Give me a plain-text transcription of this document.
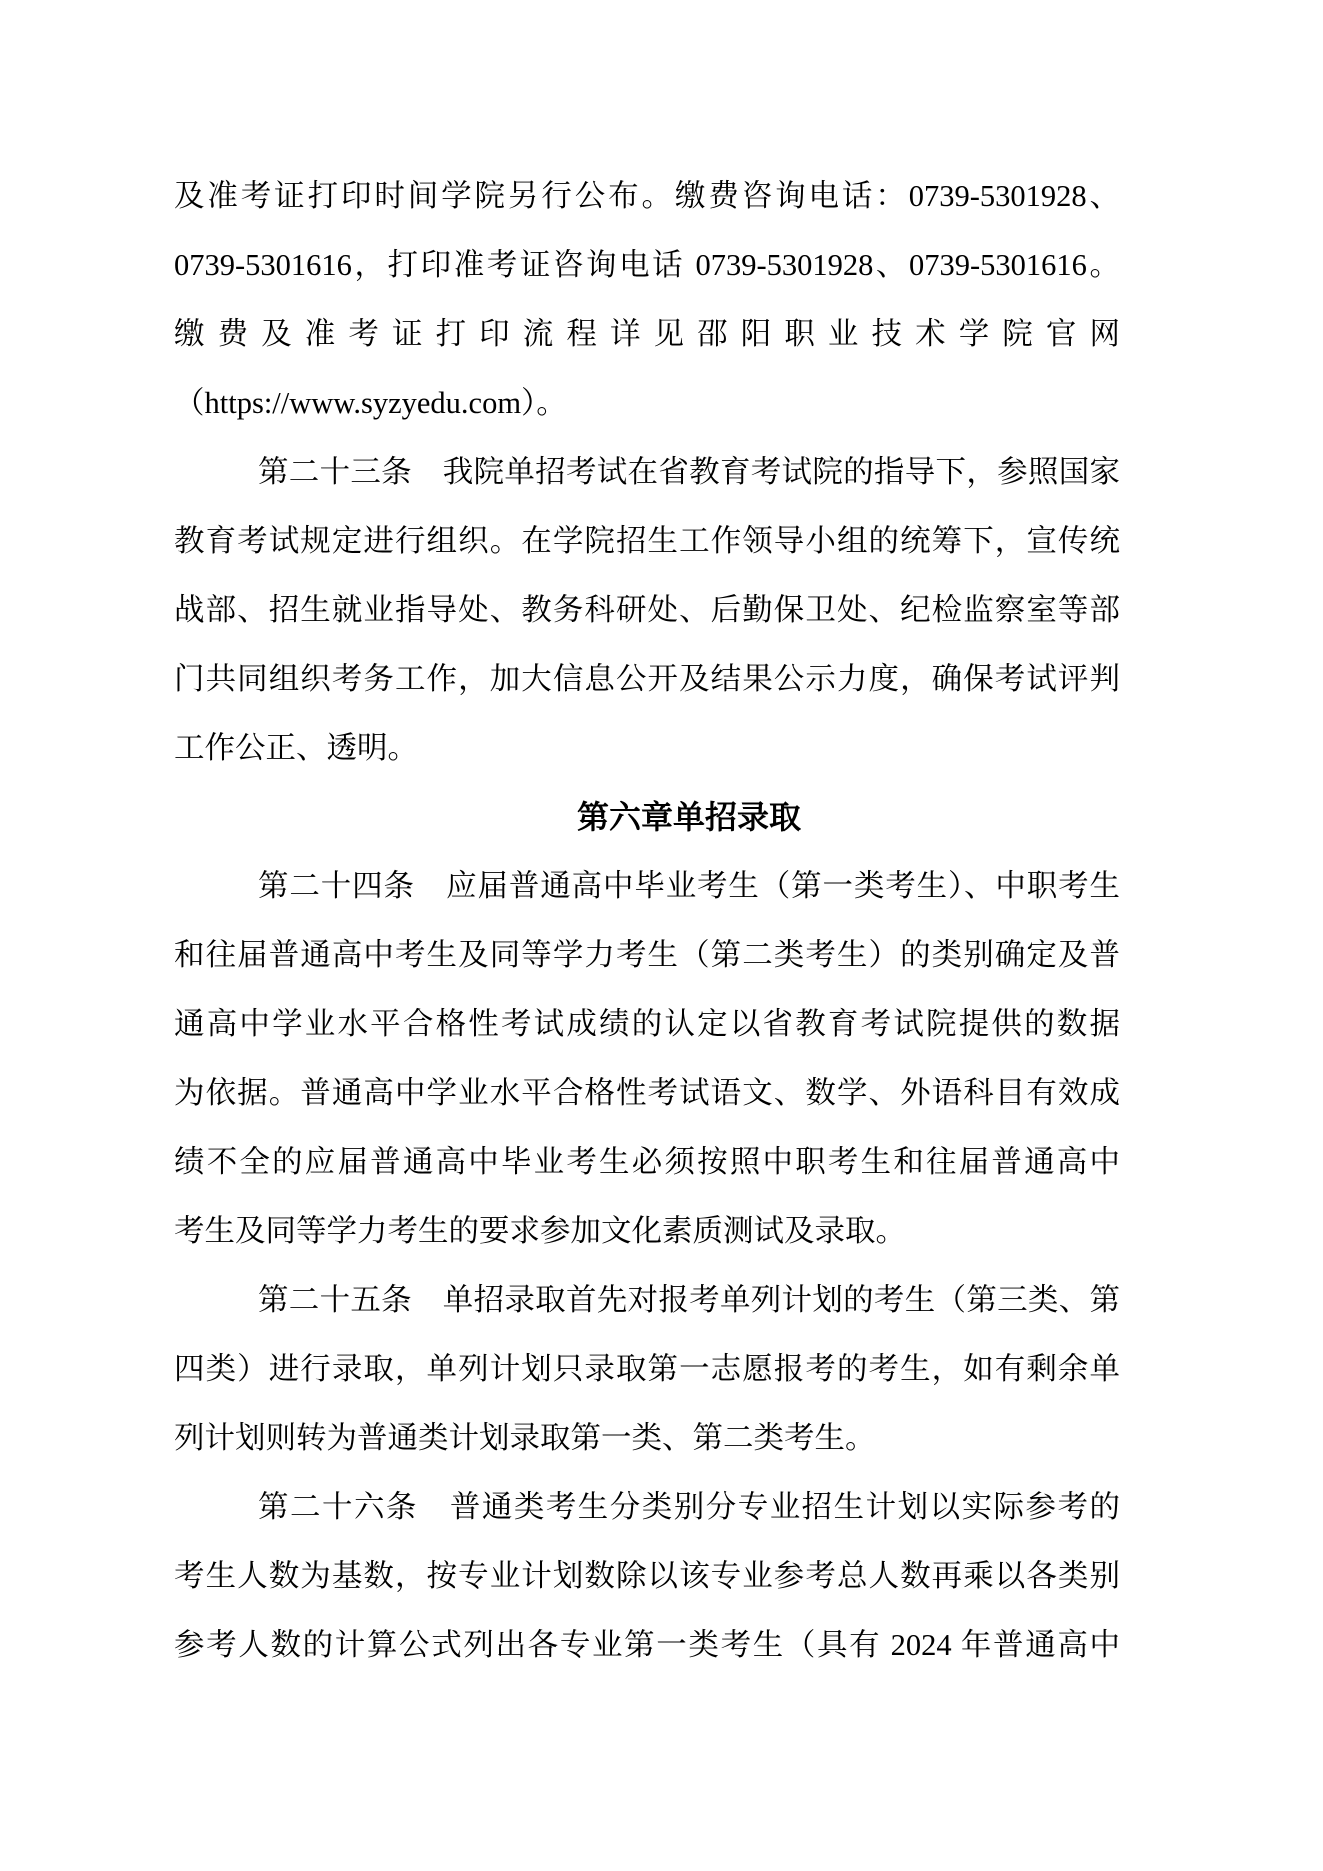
及准考证打印时间学院另行公布。缴费咨询电话：0739-5301928、
0739-5301616，打印准考证咨询电话 0739-5301928、0739-5301616。
缴费及准考证打印流程详见邵阳职业技术学院官网
（https://www.syzyedu.com）。
第二十三条　我院单招考试在省教育考试院的指导下，参照国家
教育考试规定进行组织。在学院招生工作领导小组的统筹下，宣传统
战部、招生就业指导处、教务科研处、后勤保卫处、纪检监察室等部
门共同组织考务工作，加大信息公开及结果公示力度，确保考试评判
工作公正、透明。
第六章单招录取
第二十四条　应届普通高中毕业考生（第一类考生）、中职考生
和往届普通高中考生及同等学力考生（第二类考生）的类别确定及普
通高中学业水平合格性考试成绩的认定以省教育考试院提供的数据
为依据。普通高中学业水平合格性考试语文、数学、外语科目有效成
绩不全的应届普通高中毕业考生必须按照中职考生和往届普通高中
考生及同等学力考生的要求参加文化素质测试及录取。
第二十五条　单招录取首先对报考单列计划的考生（第三类、第
四类）进行录取，单列计划只录取第一志愿报考的考生，如有剩余单
列计划则转为普通类计划录取第一类、第二类考生。
第二十六条　普通类考生分类别分专业招生计划以实际参考的
考生人数为基数，按专业计划数除以该专业参考总人数再乘以各类别
参考人数的计算公式列出各专业第一类考生（具有 2024 年普通高中
